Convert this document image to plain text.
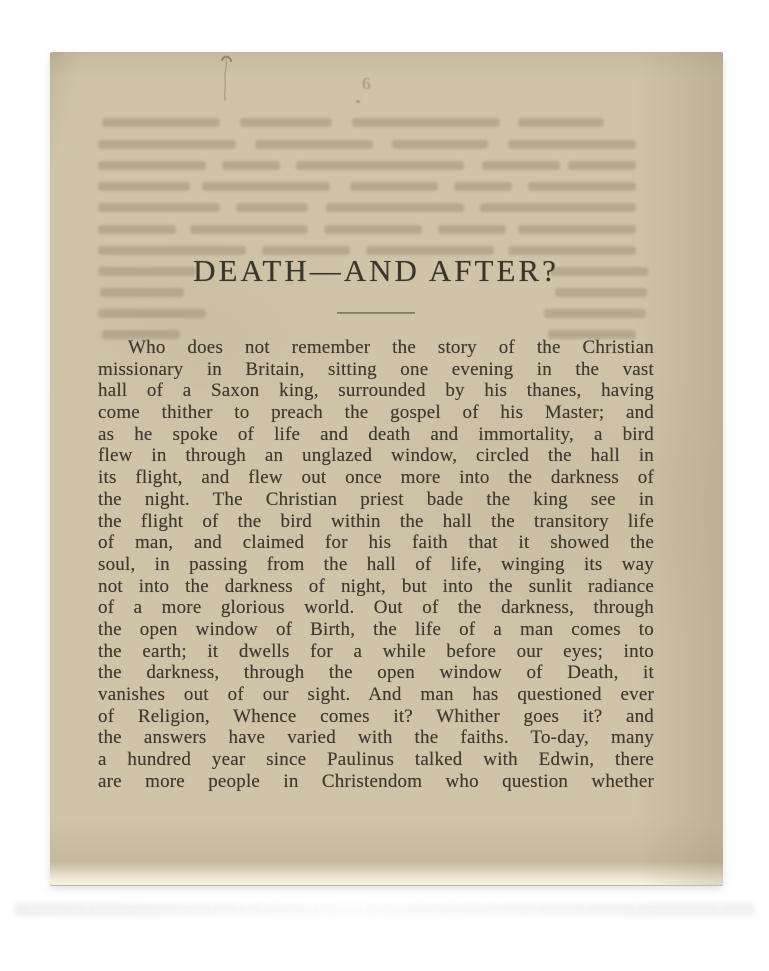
6
DEATH—AND AFTER?
Who does not remember the story of the Christian
missionary in Britain, sitting one evening in the vast
hall of a Saxon king, surrounded by his thanes, having
come thither to preach the gospel of his Master; and
as he spoke of life and death and immortality, a bird
flew in through an unglazed window, circled the hall in
its flight, and flew out once more into the darkness of
the night. The Christian priest bade the king see in
the flight of the bird within the hall the transitory life
of man, and claimed for his faith that it showed the
soul, in passing from the hall of life, winging its way
not into the darkness of night, but into the sunlit radiance
of a more glorious world. Out of the darkness, through
the open window of Birth, the life of a man comes to
the earth; it dwells for a while before our eyes; into
the darkness, through the open window of Death, it
vanishes out of our sight. And man has questioned ever
of Religion, Whence comes it? Whither goes it? and
the answers have varied with the faiths. To-day, many
a hundred year since Paulinus talked with Edwin, there
are more people in Christendom who question whether
